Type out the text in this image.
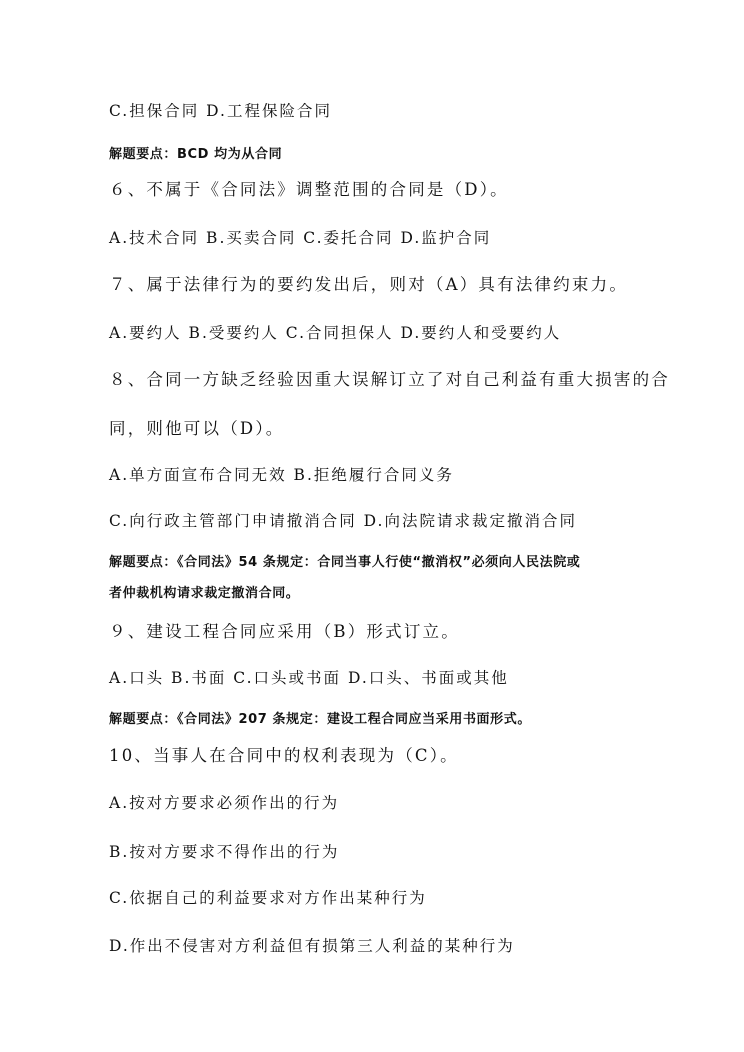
C.担保合同 D.工程保险合同
解题要点：BCD 均为从合同
６、不属于《合同法》调整范围的合同是（D）。
A.技术合同 B.买卖合同 C.委托合同 D.监护合同
７、属于法律行为的要约发出后，则对（A）具有法律约束力。
A.要约人 B.受要约人 C.合同担保人 D.要约人和受要约人
８、合同一方缺乏经验因重大误解订立了对自己利益有重大损害的合
同，则他可以（D）。
A.单方面宣布合同无效 B.拒绝履行合同义务
C.向行政主管部门申请撤消合同 D.向法院请求裁定撤消合同
解题要点：《合同法》54 条规定：合同当事人行使“撤消权”必须向人民法院或
者仲裁机构请求裁定撤消合同。
９、建设工程合同应采用（B）形式订立。
A.口头 B.书面 C.口头或书面 D.口头、书面或其他
解题要点：《合同法》207 条规定：建设工程合同应当采用书面形式。
10、当事人在合同中的权利表现为（C）。
A.按对方要求必须作出的行为
B.按对方要求不得作出的行为
C.依据自己的利益要求对方作出某种行为
D.作出不侵害对方利益但有损第三人利益的某种行为
